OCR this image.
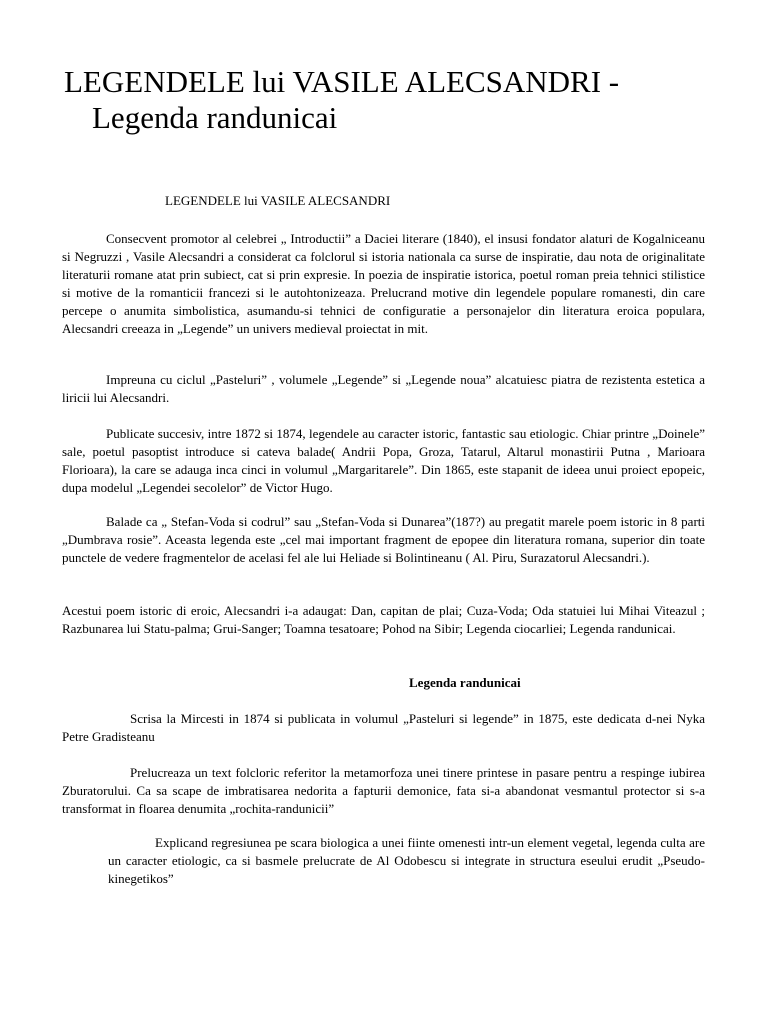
LEGENDELE lui VASILE ALECSANDRI -
Legenda randunicai
LEGENDELE lui VASILE ALECSANDRI

Consecvent promotor al celebrei „ Introductii” a Daciei literare (1840), el insusi fondator alaturi de Kogalniceanu si Negruzzi , Vasile Alecsandri a considerat ca folclorul si istoria nationala ca surse de inspiratie, dau nota de originalitate literaturii romane atat prin subiect, cat si prin expresie. In poezia de inspiratie istorica, poetul roman preia tehnici stilistice si motive de la romanticii francezi si le autohtonizeaza. Prelucrand motive din legendele populare romanesti, din care percepe o anumita simbolistica, asumandu-si tehnici de configuratie a personajelor din literatura eroica populara, Alecsandri creeaza in „Legende” un univers medieval proiectat in mit.

Impreuna cu ciclul „Pasteluri” , volumele „Legende” si „Legende noua” alcatuiesc piatra de rezistenta estetica a liricii lui Alecsandri.

Publicate succesiv, intre 1872 si 1874, legendele au caracter istoric, fantastic sau etiologic. Chiar printre „Doinele” sale, poetul pasoptist introduce si cateva balade( Andrii Popa, Groza, Tatarul, Altarul monastirii Putna , Marioara Florioara), la care se adauga inca cinci in volumul „Margaritarele”. Din 1865, este stapanit de ideea unui proiect epopeic, dupa modelul „Legendei secolelor” de Victor Hugo.

Balade ca „ Stefan-Voda si codrul” sau „Stefan-Voda si Dunarea”(187?) au pregatit marele poem istoric in 8 parti „Dumbrava rosie”. Aceasta legenda este „cel mai important fragment de epopee din literatura romana, superior din toate punctele de vedere fragmentelor de acelasi fel ale lui Heliade si Bolintineanu ( Al. Piru, Surazatorul Alecsandri.).

Acestui poem istoric di eroic, Alecsandri i-a adaugat: Dan, capitan de plai; Cuza-Voda; Oda statuiei lui Mihai Viteazul ; Razbunarea lui Statu-palma; Grui-Sanger; Toamna tesatoare; Pohod na Sibir; Legenda ciocarliei; Legenda randunicai.

Legenda randunicai

Scrisa la Mircesti in 1874 si publicata in volumul „Pasteluri si legende” in 1875, este dedicata d-nei Nyka Petre Gradisteanu

Prelucreaza un text folcloric referitor la metamorfoza unei tinere printese in pasare pentru a respinge iubirea Zburatorului. Ca sa scape de imbratisarea nedorita a fapturii demonice, fata si-a abandonat vesmantul protector si s-a transformat in floarea denumita „rochita-randunicii”

Explicand regresiunea pe scara biologica a unei fiinte omenesti intr-un element vegetal, legenda culta are un caracter etiologic, ca si basmele prelucrate de Al Odobescu si integrate in structura eseului erudit „Pseudo-kinegetikos”
